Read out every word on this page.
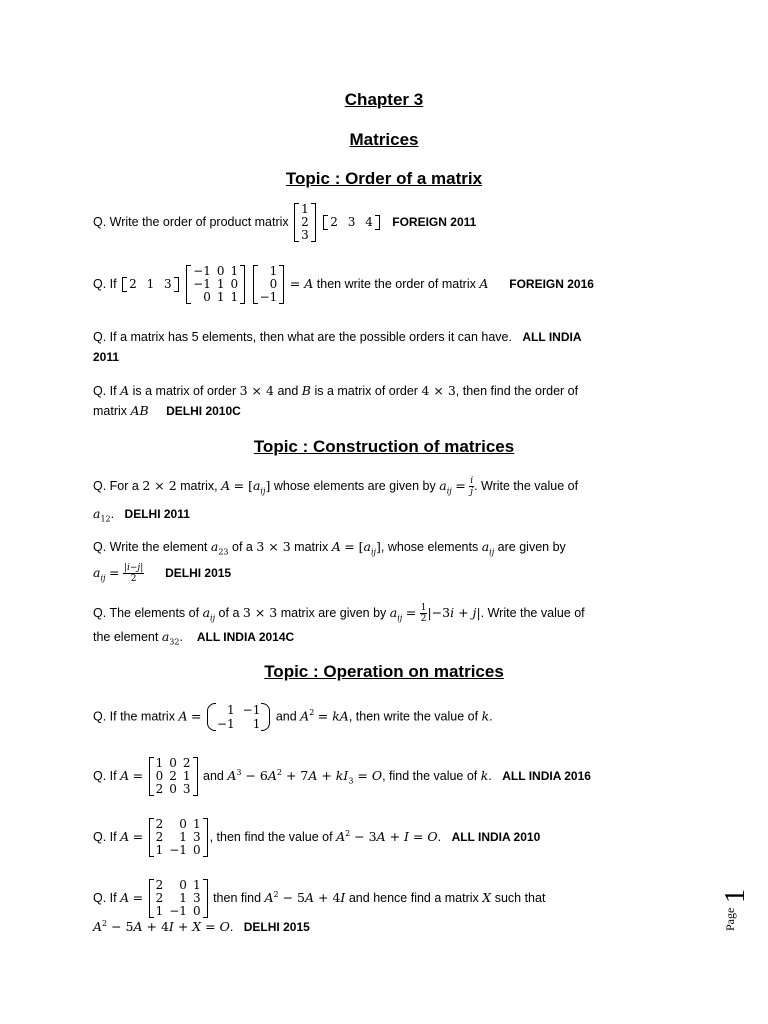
Chapter 3
Matrices
Topic : Order of a matrix
Q. Write the order of product matrix
1
2
3

2	3	4 FOREIGN 2011
Q. If 2	1	3

−1	0	1
−1	1	0
0	1	1

1
0
−1
= A then write the order of matrix A FOREIGN 2016
Q. If a matrix has 5 elements, then what are the possible orders it can have. ALL INDIA
2011
Q. If A is a matrix of order 3 × 4 and B is a matrix of order 4 × 3, then find the order of
matrix AB DELHI 2010C
Topic : Construction of matrices
Q. For a 2 × 2 matrix, $A = [a_{ij}]$ whose elements are given by $a_{ij} = \frac{i}{j}$ . Write the value of
$a_{12}$.   DELHI 2011
Q. Write the element $a_{23}$ of a 3 × 3 matrix $A = [a_{ij}]$, whose elements $a_{ij}$ are given by
$a_{ij} = \frac{|i-j|}{2}$ DELHI 2015
Q. The elements of $a_{ij}$ of a 3 × 3 matrix are given by $a_{ij} = \frac{1}{2} |-3i + j|$. Write the value of
the element $a_{32}$.    ALL INDIA 2014C
Topic : Operation on matrices
Q. If the matrix A = 1	−1
−1	1
and $A^2$ = kA, then write the value of k.
Q. If A =
1	0	2
0	2	1
2	0	3
and $A^3 - 6A^2 + 7A + kI_3 = O$, find the value of k.   ALL INDIA 2016
Q. If A =
2	0	1
2	1	3
1	−1	0
, then find the value of $A^2 - 3A + I = O$.   ALL INDIA 2010
Q. If A =
2	0	1
2	1	3
1	−1	0
then find $A^2 - 5A + 4I$ and hence find a matrix X such that
$A^2 - 5A + 4I + X = O$.   DELHI 2015	Page
1
